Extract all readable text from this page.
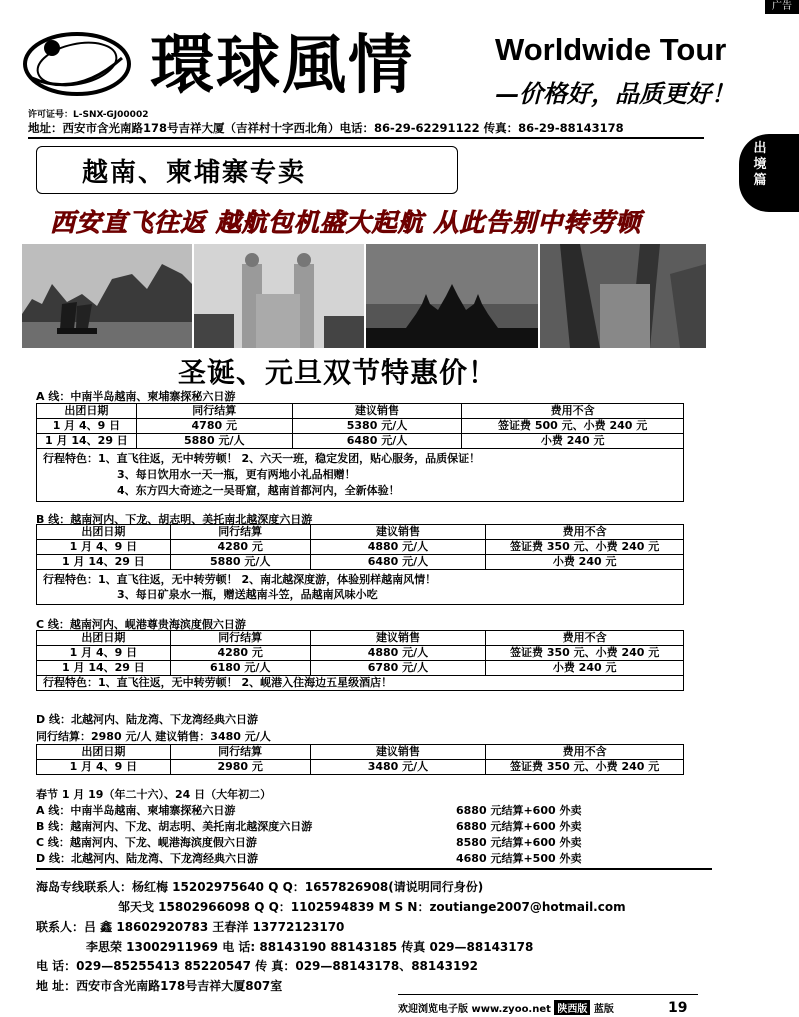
广告
出
境
篇
環球風情	Worldwide Tour
—价格好，品质更好！
许可证号：L-SNX-GJ00002
地址：西安市含光南路178号吉祥大厦（吉祥村十字西北角）电话：86-29-62291122 传真：86-29-88143178
越南、柬埔寨专卖
西安直飞往返 越航包机盛大起航 从此告别中转劳顿
圣诞、元旦双节特惠价！
A 线：中南半岛越南、柬埔寨探秘六日游
出团日期	同行结算	建议销售	费用不含
1 月 4、9 日	4780 元	5380 元/人	签证费 500 元、小费 240 元
1 月 14、29 日	5880 元/人	6480 元/人	小费 240 元

行程特色：1、直飞往返，无中转劳顿！ 2、六天一班，稳定发团，贴心服务，品质保证！
3、每日饮用水一天一瓶，更有两地小礼品相赠！
4、东方四大奇迹之一吴哥窟，越南首都河内，全新体验！			
B 线：越南河内、下龙、胡志明、美托南北越深度六日游
出团日期	同行结算	建议销售	费用不含
1 月 4、9 日	4280 元	4880 元/人	签证费 350 元、小费 240 元
1 月 14、29 日	5880 元/人	6480 元/人	小费 240 元

行程特色：1、直飞往返，无中转劳顿！ 2、南北越深度游，体验别样越南风情！
3、每日矿泉水一瓶，赠送越南斗笠，品越南风味小吃			
C 线：越南河内、岘港尊贵海滨度假六日游
出团日期	同行结算	建议销售	费用不含
1 月 4、9 日	4280 元	4880 元/人	签证费 350 元、小费 240 元
1 月 14、29 日	6180 元/人	6780 元/人	小费 240 元

行程特色：1、直飞往返，无中转劳顿！ 2、岘港入住海边五星级酒店！			
D 线：北越河内、陆龙湾、下龙湾经典六日游
同行结算：2980 元/人 建议销售：3480 元/人
出团日期	同行结算	建议销售	费用不含
1 月 4、9 日	2980 元	3480 元/人	签证费 350 元、小费 240 元
春节 1 月 19（年二十六）、24 日（大年初二）
A 线：中南半岛越南、柬埔寨探秘六日游	6880 元结算+600 外卖
B 线：越南河内、下龙、胡志明、美托南北越深度六日游	6880 元结算+600 外卖
C 线：越南河内、下龙、岘港海滨度假六日游	8580 元结算+600 外卖
D 线：北越河内、陆龙湾、下龙湾经典六日游	4680 元结算+500 外卖
海岛专线联系人：杨红梅 15202975640 Q Q：1657826908(请说明同行身份)
邹天戈 15802966098 Q Q：1102594839 M S N：zoutiange2007@hotmail.com
联系人：吕 鑫 18602920783 王春洋 13772123170
李思荣 13002911969 电 话: 88143190 88143185 传真 029—88143178
电 话：029—85255413 85220547 传 真：029—88143178、88143192
地 址：西安市含光南路178号吉祥大厦807室
欢迎浏览电子版 www.zyoo.net 陕西版 蓝版	19
